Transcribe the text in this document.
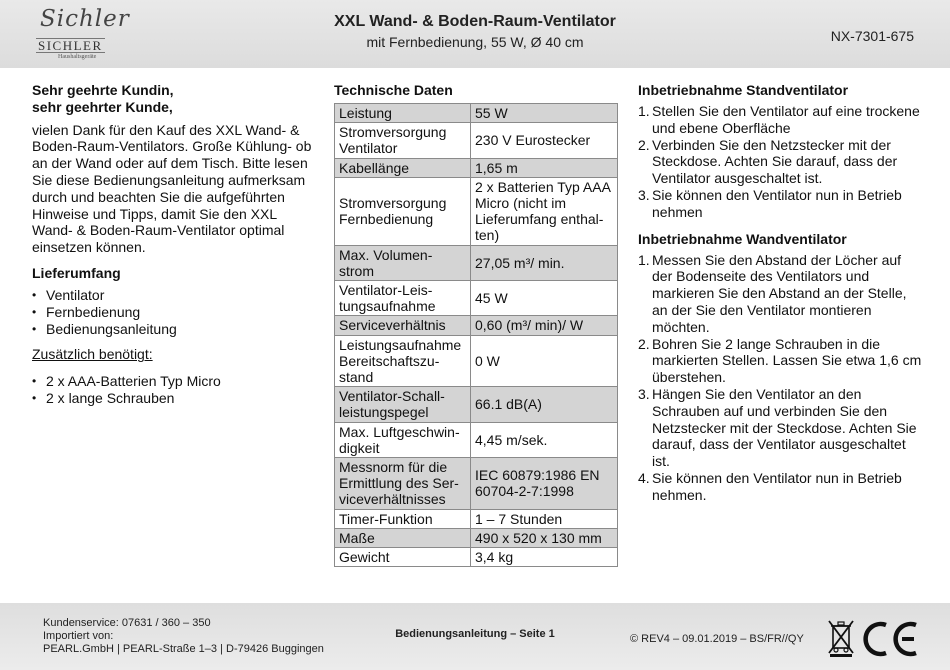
Sichler
SICHLER
Haushaltsgeräte
XXL Wand- & Boden-Raum-Ventilator
mit Fernbedienung, 55 W, Ø 40 cm	NX-7301-675
Sehr geehrte Kundin,
sehr geehrter Kunde,

vielen Dank für den Kauf des XXL Wand- & Boden-Raum-Ventilators. Große Kühlung- ob an der Wand oder auf dem Tisch. Bitte lesen Sie diese Bedienungsanleitung aufmerksam durch und beachten Sie die aufgeführten Hinweise und Tipps, damit Sie den XXL Wand- & Boden-Raum-Ventilator optimal einsetzen können.

Lieferumfang
• Ventilator
• Fernbedienung
• Bedienungsanleitung

Zusätzlich benötigt:

• 2 x AAA-Batterien Typ Micro
• 2 x lange Schrauben
Technische Daten
Leistung	55 W
Stromversorgung Ventilator	230 V Eurostecker
Kabellänge	1,65 m
Stromversorgung Fernbedienung	2 x Batterien Typ AAA Micro (nicht im Lieferumfang enthal-ten)
Max. Volumen-strom	27,05 m³/ min.
Ventilator-Leis-tungsaufnahme	45 W
Serviceverhältnis	0,60 (m³/ min)/ W
Leistungsaufnahme Bereitschaftszu-stand	0 W
Ventilator-Schall-leistungspegel	66.1 dB(A)
Max. Luftgeschwin-digkeit	4,45 m/sek.
Messnorm für die Ermittlung des Ser-viceverhältnisses	IEC 60879:1986 EN 60704-2-7:1998
Timer-Funktion	1 – 7 Stunden
Maße	490 x 520 x 130 mm
Gewicht	3,4 kg
Inbetriebnahme Standventilator
1. Stellen Sie den Ventilator auf eine trockene und ebene Oberfläche
2. Verbinden Sie den Netzstecker mit der Steckdose. Achten Sie darauf, dass der Ventilator ausgeschaltet ist.
3. Sie können den Ventilator nun in Betrieb nehmen
Inbetriebnahme Wandventilator
1. Messen Sie den Abstand der Löcher auf der Bodenseite des Ventilators und markieren Sie den Abstand an der Stelle, an der Sie den Ventilator montieren möchten.
2. Bohren Sie 2 lange Schrauben in die markierten Stellen. Lassen Sie etwa 1,6 cm überstehen.
3. Hängen Sie den Ventilator an den Schrauben auf und verbinden Sie den Netzstecker mit der Steckdose. Achten Sie darauf, dass der Ventilator ausgeschaltet ist.
4. Sie können den Ventilator nun in Betrieb nehmen.
Kundenservice: 07631 / 360 – 350
Importiert von:
PEARL.GmbH | PEARL-Straße 1–3 | D-79426 Buggingen
Bedienungsanleitung – Seite 1	© REV4 – 09.01.2019 – BS/FR//QY
